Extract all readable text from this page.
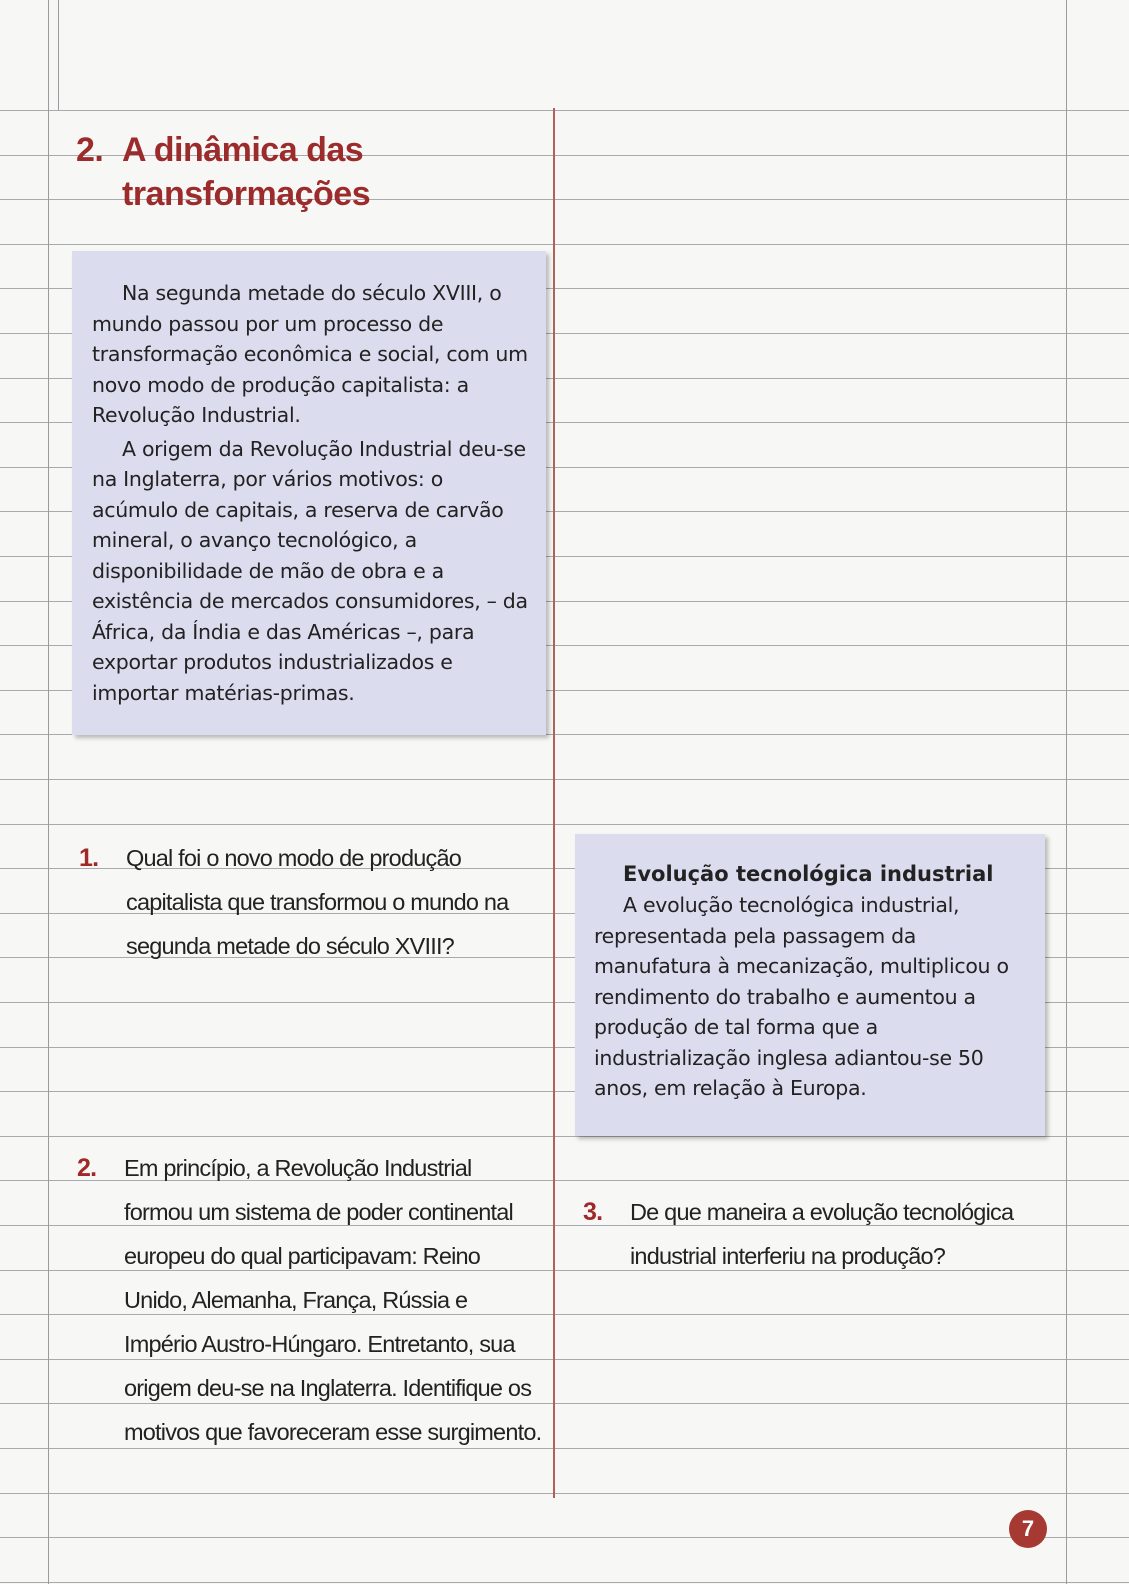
2. A dinâmica das
transformações

Na segunda metade do século XVIII, o mundo passou por um processo de transformação econômica e social, com um novo modo de produção capitalista: a Revolução Industrial.

A origem da Revolução Industrial deu-se na Inglaterra, por vários motivos: o acúmulo de capitais, a reserva de carvão mineral, o avanço tecnológico, a disponibilidade de mão de obra e a existência de mercados consumidores, – da África, da Índia e das Américas –, para exportar produtos industrializados e importar matérias-primas.

1. Qual foi o novo modo de produção capitalista que transformou o mundo na segunda metade do século XVIII?
Evolução tecnológica industrial

A evolução tecnológica industrial, representada pela passagem da manufatura à mecanização, multiplicou o rendimento do trabalho e aumentou a produção de tal forma que a industrialização inglesa adiantou-se 50 anos, em relação à Europa.

2. Em princípio, a Revolução Industrial formou um sistema de poder continental europeu do qual participavam: Reino Unido, Alemanha, França, Rússia e Império Austro-Húngaro. Entretanto, sua origem deu-se na Inglaterra. Identifique os motivos que favoreceram esse surgimento.
3. De que maneira a evolução tecnológica industrial interferiu na produção?
7
